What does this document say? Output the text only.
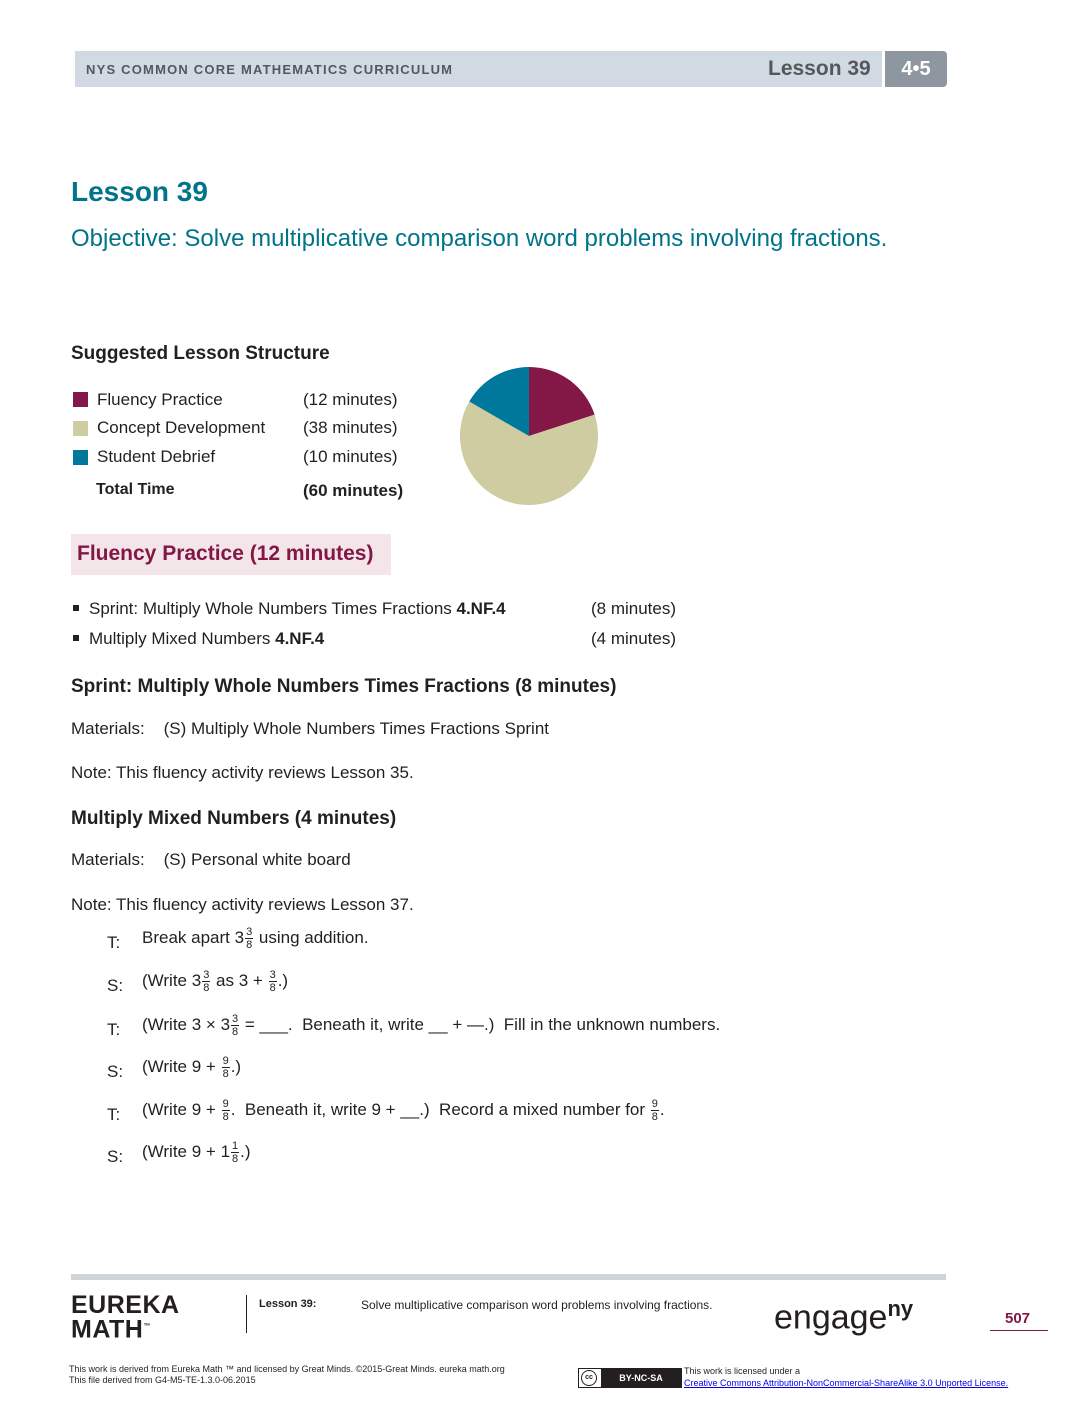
NYS COMMON CORE MATHEMATICS CURRICULUM	Lesson 39	4•5
Lesson 39
Objective: Solve multiplicative comparison word problems involving fractions.
Suggested Lesson Structure
Fluency Practice	(12 minutes)
Concept Development (38 minutes)
Student Debrief	(10 minutes)
Total Time	(60 minutes)
Fluency Practice (12 minutes)
Sprint: Multiply Whole Numbers Times Fractions 4.NF.4	(8 minutes)
Multiply Mixed Numbers 4.NF.4	(4 minutes)
Sprint: Multiply Whole Numbers Times Fractions (8 minutes)
Materials:    (S) Multiply Whole Numbers Times Fractions Sprint
Note: This fluency activity reviews Lesson 35.
Multiply Mixed Numbers (4 minutes)
Materials:    (S) Personal white board
Note: This fluency activity reviews Lesson 37.
T: Break apart $3 \frac{3}{8}$ using addition.
S: (Write $3 \frac{3}{8}$ as $3 + \frac{3}{8}$ .)
T: (Write $3 \times 3 \frac{3}{8}$ = ___.  Beneath it, write __ + —.)  Fill in the unknown numbers.
S: (Write $9 + \frac{9}{8}$ .)
T: (Write $9 + \frac{9}{8}$ .  Beneath it, write 9 + __.)  Record a mixed number for $\frac{9}{8}$ .
S: (Write $9 + 1 \frac{1}{8}$ .)
EUREKA
MATH™
Lesson 39:	Solve multiplicative comparison word problems involving fractions. engage$^{ny}$	507
This work is derived from Eureka Math ™ and licensed by Great Minds. ©2015-Great Minds. eureka math.org
This file derived from G4-M5-TE-1.3.0-06.2015	cc	BY-NC-SA
This work is licensed under a
Creative Commons Attribution-NonCommercial-ShareAlike 3.0 Unported License.
